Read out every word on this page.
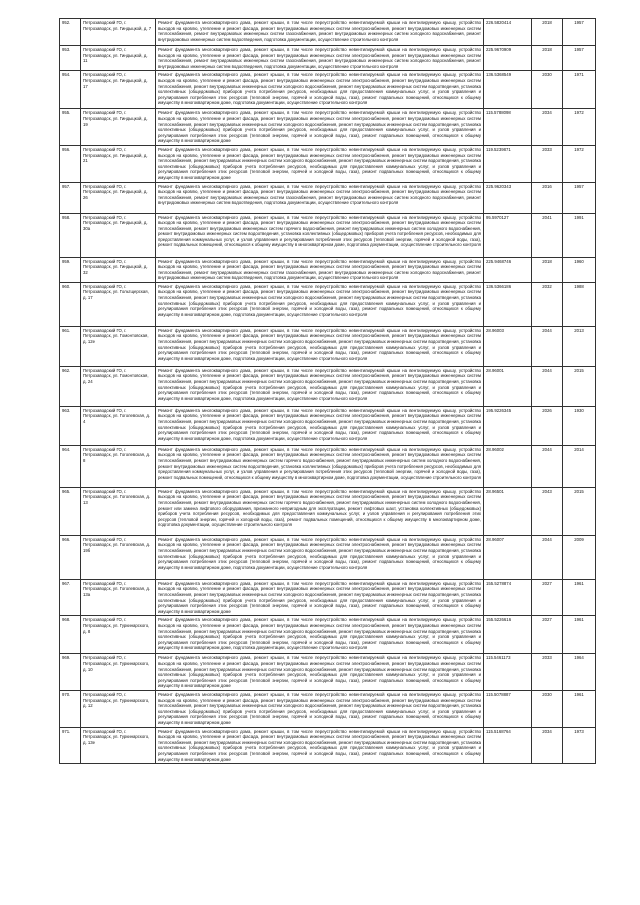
952.	Петрозаводский ГО, г. Петрозаводск, ул. Гиндыцкой, д. 7	Ремонт фундамента многоквартирного дома, ремонт крыши, в том числе переустройство невентилируемой крыши на вентилируемую крышу, устройство выходов на кровлю, утепление и ремонт фасада, ремонт внутридомовых инженерных систем электроснабжения, ремонт внутридомовых инженерных систем теплоснабжения, ремонт внутридомовых инженерных систем газоснабжения, ремонт внутридомовых инженерных систем холодного водоснабжения, ремонт внутридомовых инженерных систем водоотведения, подготовка документации, осуществление строительного контроля	226.5820414	2018	1957
953.	Петрозаводский ГО, г. Петрозаводск, ул. Гиндыцкой, д. 11	Ремонт фундамента многоквартирного дома, ремонт крыши, в том числе переустройство невентилируемой крыши на вентилируемую крышу, устройство выходов на кровлю, утепление и ремонт фасада, ремонт внутридомовых инженерных систем электроснабжения, ремонт внутридомовых инженерных систем теплоснабжения, ремонт внутридомовых инженерных систем газоснабжения, ремонт внутридомовых инженерных систем холодного водоснабжения, ремонт внутридомовых инженерных систем водоотведения, подготовка документации, осуществление строительного контроля	225.9670909	2018	1957
954.	Петрозаводский ГО, г. Петрозаводск, ул. Гиндыцкой, д. 17	Ремонт фундамента многоквартирного дома, ремонт крыши, в том числе переустройство невентилируемой крыши на вентилируемую крышу, устройство выходов на кровлю, утепление и ремонт фасада, ремонт внутридомовых инженерных систем электроснабжения, ремонт внутридомовых инженерных систем теплоснабжения, ремонт внутридомовых инженерных систем холодного водоснабжения, ремонт внутридомовых инженерных систем водоотведения, установка коллективных (общедомовых) приборов учета потребления ресурсов, необходимых для предоставления коммунальных услуг, и узлов управления и регулирования потребления этих ресурсов (тепловой энергии, горячей и холодной воды, газа), ремонт подвальных помещений, относящихся к общему имуществу в многоквартирном доме, подготовка документации, осуществление строительного контроля	136.5368549	2030	1971
955.	Петрозаводский ГО, г. Петрозаводск, ул. Гиндыцкой, д. 19	Ремонт фундамента многоквартирного дома, ремонт крыши, в том числе переустройство невентилируемой крыши на вентилируемую крышу, устройство выходов на кровлю, утепление и ремонт фасада, ремонт внутридомовых инженерных систем электроснабжения, ремонт внутридомовых инженерных систем теплоснабжения, ремонт внутридомовых инженерных систем холодного водоснабжения, ремонт внутридомовых инженерных систем водоотведения, установка коллективных (общедомовых) приборов учета потребления ресурсов, необходимых для предоставления коммунальных услуг, и узлов управления и регулирования потребления этих ресурсов (тепловой энергии, горячей и холодной воды, газа), ремонт подвальных помещений, относящихся к общему имуществу в многоквартирном доме	115.5788098	2034	1972
956.	Петрозаводский ГО, г. Петрозаводск, ул. Гиндыцкой, д. 21	Ремонт фундамента многоквартирного дома, ремонт крыши, в том числе переустройство невентилируемой крыши на вентилируемую крышу, устройство выходов на кровлю, утепление и ремонт фасада, ремонт внутридомовых инженерных систем электроснабжения, ремонт внутридомовых инженерных систем теплоснабжения, ремонт внутридомовых инженерных систем холодного водоснабжения, ремонт внутридомовых инженерных систем водоотведения, установка коллективных (общедомовых) приборов учета потребления ресурсов, необходимых для предоставления коммунальных услуг, и узлов управления и регулирования потребления этих ресурсов (тепловой энергии, горячей и холодной воды, газа), ремонт подвальных помещений, относящихся к общему имуществу в многоквартирном доме	119.5239871	2033	1972
957.	Петрозаводский ГО, г. Петрозаводск, ул. Гиндыцкой, д. 26	Ремонт фундамента многоквартирного дома, ремонт крыши, в том числе переустройство невентилируемой крыши на вентилируемую крышу, устройство выходов на кровлю, утепление и ремонт фасада, ремонт внутридомовых инженерных систем электроснабжения, ремонт внутридомовых инженерных систем теплоснабжения, ремонт внутридомовых инженерных систем газоснабжения, ремонт внутридомовых инженерных систем холодного водоснабжения, ремонт внутридомовых инженерных систем водоотведения, подготовка документации, осуществление строительного контроля	225.9620343	2016	1957
958.	Петрозаводский ГО, г. Петрозаводск, ул. Гиндыцкой, д. 30а	Ремонт фундамента многоквартирного дома, ремонт крыши, в том числе переустройство невентилируемой крыши на вентилируемую крышу, устройство выходов на кровлю, утепление и ремонт фасада, ремонт внутридомовых инженерных систем электроснабжения, ремонт внутридомовых инженерных систем теплоснабжения, ремонт внутридомовых инженерных систем горячего водоснабжения, ремонт внутридомовых инженерных систем холодного водоснабжения, ремонт внутридомовых инженерных систем водоотведения, установка коллективных (общедомовых) приборов учета потребления ресурсов, необходимых для предоставления коммунальных услуг, и узлов управления и регулирования потребления этих ресурсов (тепловой энергии, горячей и холодной воды, газа), ремонт подвальных помещений, относящихся к общему имуществу в многоквартирном доме, подготовка документации, осуществление строительного контроля	95.5970127	2041	1991
959.	Петрозаводский ГО, г. Петрозаводск, ул. Гиндыцкой, д. 32	Ремонт фундамента многоквартирного дома, ремонт крыши, в том числе переустройство невентилируемой крыши на вентилируемую крышу, устройство выходов на кровлю, утепление и ремонт фасада, ремонт внутридомовых инженерных систем электроснабжения, ремонт внутридомовых инженерных систем теплоснабжения, ремонт внутридомовых инженерных систем газоснабжения, ремонт внутридомовых инженерных систем холодного водоснабжения, ремонт внутридомовых инженерных систем водоотведения, подготовка документации, осуществление строительного контроля	225.9468746	2018	1960
960.	Петрозаводский ГО, г. Петрозаводск, ул. Гольтщерская, д. 17	Ремонт фундамента многоквартирного дома, ремонт крыши, в том числе переустройство невентилируемой крыши на вентилируемую крышу, устройство выходов на кровлю, утепление и ремонт фасада, ремонт внутридомовых инженерных систем электроснабжения, ремонт внутридомовых инженерных систем теплоснабжения, ремонт внутридомовых инженерных систем холодного водоснабжения, ремонт внутридомовых инженерных систем водоотведения, установка коллективных (общедомовых) приборов учета потребления ресурсов, необходимых для предоставления коммунальных услуг, и узлов управления и регулирования потребления этих ресурсов (тепловой энергии, горячей и холодной воды, газа), ремонт подвальных помещений, относящихся к общему имуществу в многоквартирном доме, подготовка документации, осуществление строительного контроля	136.5366186	2032	1988
961.	Петрозаводский ГО, г. Петрозаводск, ул. Гомонтовская, д. 12е	Ремонт фундамента многоквартирного дома, ремонт крыши, в том числе переустройство невентилируемой крыши на вентилируемую крышу, устройство выходов на кровлю, утепление и ремонт фасада, ремонт внутридомовых инженерных систем электроснабжения, ремонт внутридомовых инженерных систем теплоснабжения, ремонт внутридомовых инженерных систем холодного водоснабжения, ремонт внутридомовых инженерных систем водоотведения, установка коллективных (общедомовых) приборов учета потребления ресурсов, необходимых для предоставления коммунальных услуг, и узлов управления и регулирования потребления этих ресурсов (тепловой энергии, горячей и холодной воды, газа), ремонт подвальных помещений, относящихся к общему имуществу в многоквартирном доме, подготовка документации, осуществление строительного контроля	28.96003	2044	2013
962.	Петрозаводский ГО, г. Петрозаводск, ул. Гомонтовская, д. 24	Ремонт фундамента многоквартирного дома, ремонт крыши, в том числе переустройство невентилируемой крыши на вентилируемую крышу, устройство выходов на кровлю, утепление и ремонт фасада, ремонт внутридомовых инженерных систем электроснабжения, ремонт внутридомовых инженерных систем теплоснабжения, ремонт внутридомовых инженерных систем холодного водоснабжения, ремонт внутридомовых инженерных систем водоотведения, установка коллективных (общедомовых) приборов учета потребления ресурсов, необходимых для предоставления коммунальных услуг, и узлов управления и регулирования потребления этих ресурсов (тепловой энергии, горячей и холодной воды, газа), ремонт подвальных помещений, относящихся к общему имуществу в многоквартирном доме, подготовка документации, осуществление строительного контроля	28.96001	2044	2015
963.	Петрозаводский ГО, г. Петрозаводск, ул. Гоголевская, д. 4	Ремонт фундамента многоквартирного дома, ремонт крыши, в том числе переустройство невентилируемой крыши на вентилируемую крышу, устройство выходов на кровлю, утепление и ремонт фасада, ремонт внутридомовых инженерных систем электроснабжения, ремонт внутридомовых инженерных систем теплоснабжения, ремонт внутридомовых инженерных систем холодного водоснабжения, ремонт внутридомовых инженерных систем водоотведения, установка коллективных (общедомовых) приборов учета потребления ресурсов, необходимых для предоставления коммунальных услуг, и узлов управления и регулирования потребления этих ресурсов (тепловой энергии, горячей и холодной воды, газа), ремонт подвальных помещений, относящихся к общему имуществу в многоквартирном доме, подготовка документации, осуществление строительного контроля	195.9226345	2026	1930
964.	Петрозаводский ГО, г. Петрозаводск, ул. Гоголевская, д. 8	Ремонт фундамента многоквартирного дома, ремонт крыши, в том числе переустройство невентилируемой крыши на вентилируемую крышу, устройство выходов на кровлю, утепление и ремонт фасада, ремонт внутридомовых инженерных систем электроснабжения, ремонт внутридомовых инженерных систем теплоснабжения, ремонт внутридомовых инженерных систем горячего водоснабжения, ремонт внутридомовых инженерных систем холодного водоснабжения, ремонт внутридомовых инженерных систем водоотведения, установка коллективных (общедомовых) приборов учета потребления ресурсов, необходимых для предоставления коммунальных услуг, и узлов управления и регулирования потребления этих ресурсов (тепловой энергии, горячей и холодной воды, газа), ремонт подвальных помещений, относящихся к общему имуществу в многоквартирном доме, подготовка документации, осуществление строительного контроля	28.96002	2044	2014
965.	Петрозаводский ГО, г. Петрозаводск, ул. Гоголевская, д. 13	Ремонт фундамента многоквартирного дома, ремонт крыши, в том числе переустройство невентилируемой крыши на вентилируемую крышу, устройство выходов на кровлю, утепление и ремонт фасада, ремонт внутридомовых инженерных систем электроснабжения, ремонт внутридомовых инженерных систем теплоснабжения, ремонт внутридомовых инженерных систем горячего водоснабжения, ремонт внутридомовых инженерных систем холодного водоснабжения, ремонт или замена лифтового оборудования, признанного непригодным для эксплуатации, ремонт лифтовых шахт, установка коллективных (общедомовых) приборов учета потребления ресурсов, необходимых для предоставления коммунальных услуг, и узлов управления и регулирования потребления этих ресурсов (тепловой энергии, горячей и холодной воды, газа), ремонт подвальных помещений, относящихся к общему имуществу в многоквартирном доме, подготовка документации, осуществление строительного контроля	28.96501	2043	2015
966.	Петрозаводский ГО, г. Петрозаводск, ул. Гоголевская, д. 19б	Ремонт фундамента многоквартирного дома, ремонт крыши, в том числе переустройство невентилируемой крыши на вентилируемую крышу, устройство выходов на кровлю, утепление и ремонт фасада, ремонт внутридомовых инженерных систем электроснабжения, ремонт внутридомовых инженерных систем теплоснабжения, ремонт внутридомовых инженерных систем холодного водоснабжения, ремонт внутридомовых инженерных систем водоотведения, установка коллективных (общедомовых) приборов учета потребления ресурсов, необходимых для предоставления коммунальных услуг, и узлов управления и регулирования потребления этих ресурсов (тепловой энергии, горячей и холодной воды, газа), ремонт подвальных помещений, относящихся к общему имуществу в многоквартирном доме, подготовка документации, осуществление строительного контроля	28.96007	2044	2009
967.	Петрозаводский ГО, г. Петрозаводск, ул. Гоголевская, д. 13а	Ремонт фундамента многоквартирного дома, ремонт крыши, в том числе переустройство невентилируемой крыши на вентилируемую крышу, устройство выходов на кровлю, утепление и ремонт фасада, ремонт внутридомовых инженерных систем электроснабжения, ремонт внутридомовых инженерных систем теплоснабжения, ремонт внутридомовых инженерных систем холодного водоснабжения, ремонт внутридомовых инженерных систем водоотведения, установка коллективных (общедомовых) приборов учета потребления ресурсов, необходимых для предоставления коммунальных услуг, и узлов управления и регулирования потребления этих ресурсов (тепловой энергии, горячей и холодной воды, газа), ремонт подвальных помещений, относящихся к общему имуществу в многоквартирном доме	155.5278874	2027	1961
968.	Петрозаводский ГО, г. Петрозаводск, ул. Гуркинарского, д. 8	Ремонт фундамента многоквартирного дома, ремонт крыши, в том числе переустройство невентилируемой крыши на вентилируемую крышу, устройство выходов на кровлю, утепление и ремонт фасада, ремонт внутридомовых инженерных систем электроснабжения, ремонт внутридомовых инженерных систем теплоснабжения, ремонт внутридомовых инженерных систем холодного водоснабжения, ремонт внутридомовых инженерных систем водоотведения, установка коллективных (общедомовых) приборов учета потребления ресурсов, необходимых для предоставления коммунальных услуг, и узлов управления и регулирования потребления этих ресурсов (тепловой энергии, горячей и холодной воды, газа), ремонт подвальных помещений, относящихся к общему имуществу в многоквартирном доме, подготовка документации, осуществление строительного контроля	155.5226616	2027	1961
969.	Петрозаводский ГО, г. Петрозаводск, ул. Гуркинарского, д. 10	Ремонт фундамента многоквартирного дома, ремонт крыши, в том числе переустройство невентилируемой крыши на вентилируемую крышу, устройство выходов на кровлю, утепление и ремонт фасада, ремонт внутридомовых инженерных систем электроснабжения, ремонт внутридомовых инженерных систем теплоснабжения, ремонт внутридомовых инженерных систем холодного водоснабжения, ремонт внутридомовых инженерных систем водоотведения, установка коллективных (общедомовых) приборов учета потребления ресурсов, необходимых для предоставления коммунальных услуг, и узлов управления и регулирования потребления этих ресурсов (тепловой энергии, горячей и холодной воды, газа), ремонт подвальных помещений, относящихся к общему имуществу в многоквартирном доме	115.5461173	2033	1964
970.	Петрозаводский ГО, г. Петрозаводск, ул. Гуркинарского, д. 12	Ремонт фундамента многоквартирного дома, ремонт крыши, в том числе переустройство невентилируемой крыши на вентилируемую крышу, устройство выходов на кровлю, утепление и ремонт фасада, ремонт внутридомовых инженерных систем электроснабжения, ремонт внутридомовых инженерных систем теплоснабжения, ремонт внутридомовых инженерных систем холодного водоснабжения, ремонт внутридомовых инженерных систем водоотведения, установка коллективных (общедомовых) приборов учета потребления ресурсов, необходимых для предоставления коммунальных услуг, и узлов управления и регулирования потребления этих ресурсов (тепловой энергии, горячей и холодной воды, газа), ремонт подвальных помещений, относящихся к общему имуществу в многоквартирном доме	115.5078887	2030	1961
971.	Петрозаводский ГО, г. Петрозаводск, ул. Гуркинарского, д. 13е	Ремонт фундамента многоквартирного дома, ремонт крыши, в том числе переустройство невентилируемой крыши на вентилируемую крышу, устройство выходов на кровлю, утепление и ремонт фасада, ремонт внутридомовых инженерных систем электроснабжения, ремонт внутридомовых инженерных систем теплоснабжения, ремонт внутридомовых инженерных систем холодного водоснабжения, ремонт внутридомовых инженерных систем водоотведения, установка коллективных (общедомовых) приборов учета потребления ресурсов, необходимых для предоставления коммунальных услуг, и узлов управления и регулирования потребления этих ресурсов (тепловой энергии, горячей и холодной воды, газа), ремонт подвальных помещений, относящихся к общему имуществу в многоквартирном доме	115.5168764	2034	1973
